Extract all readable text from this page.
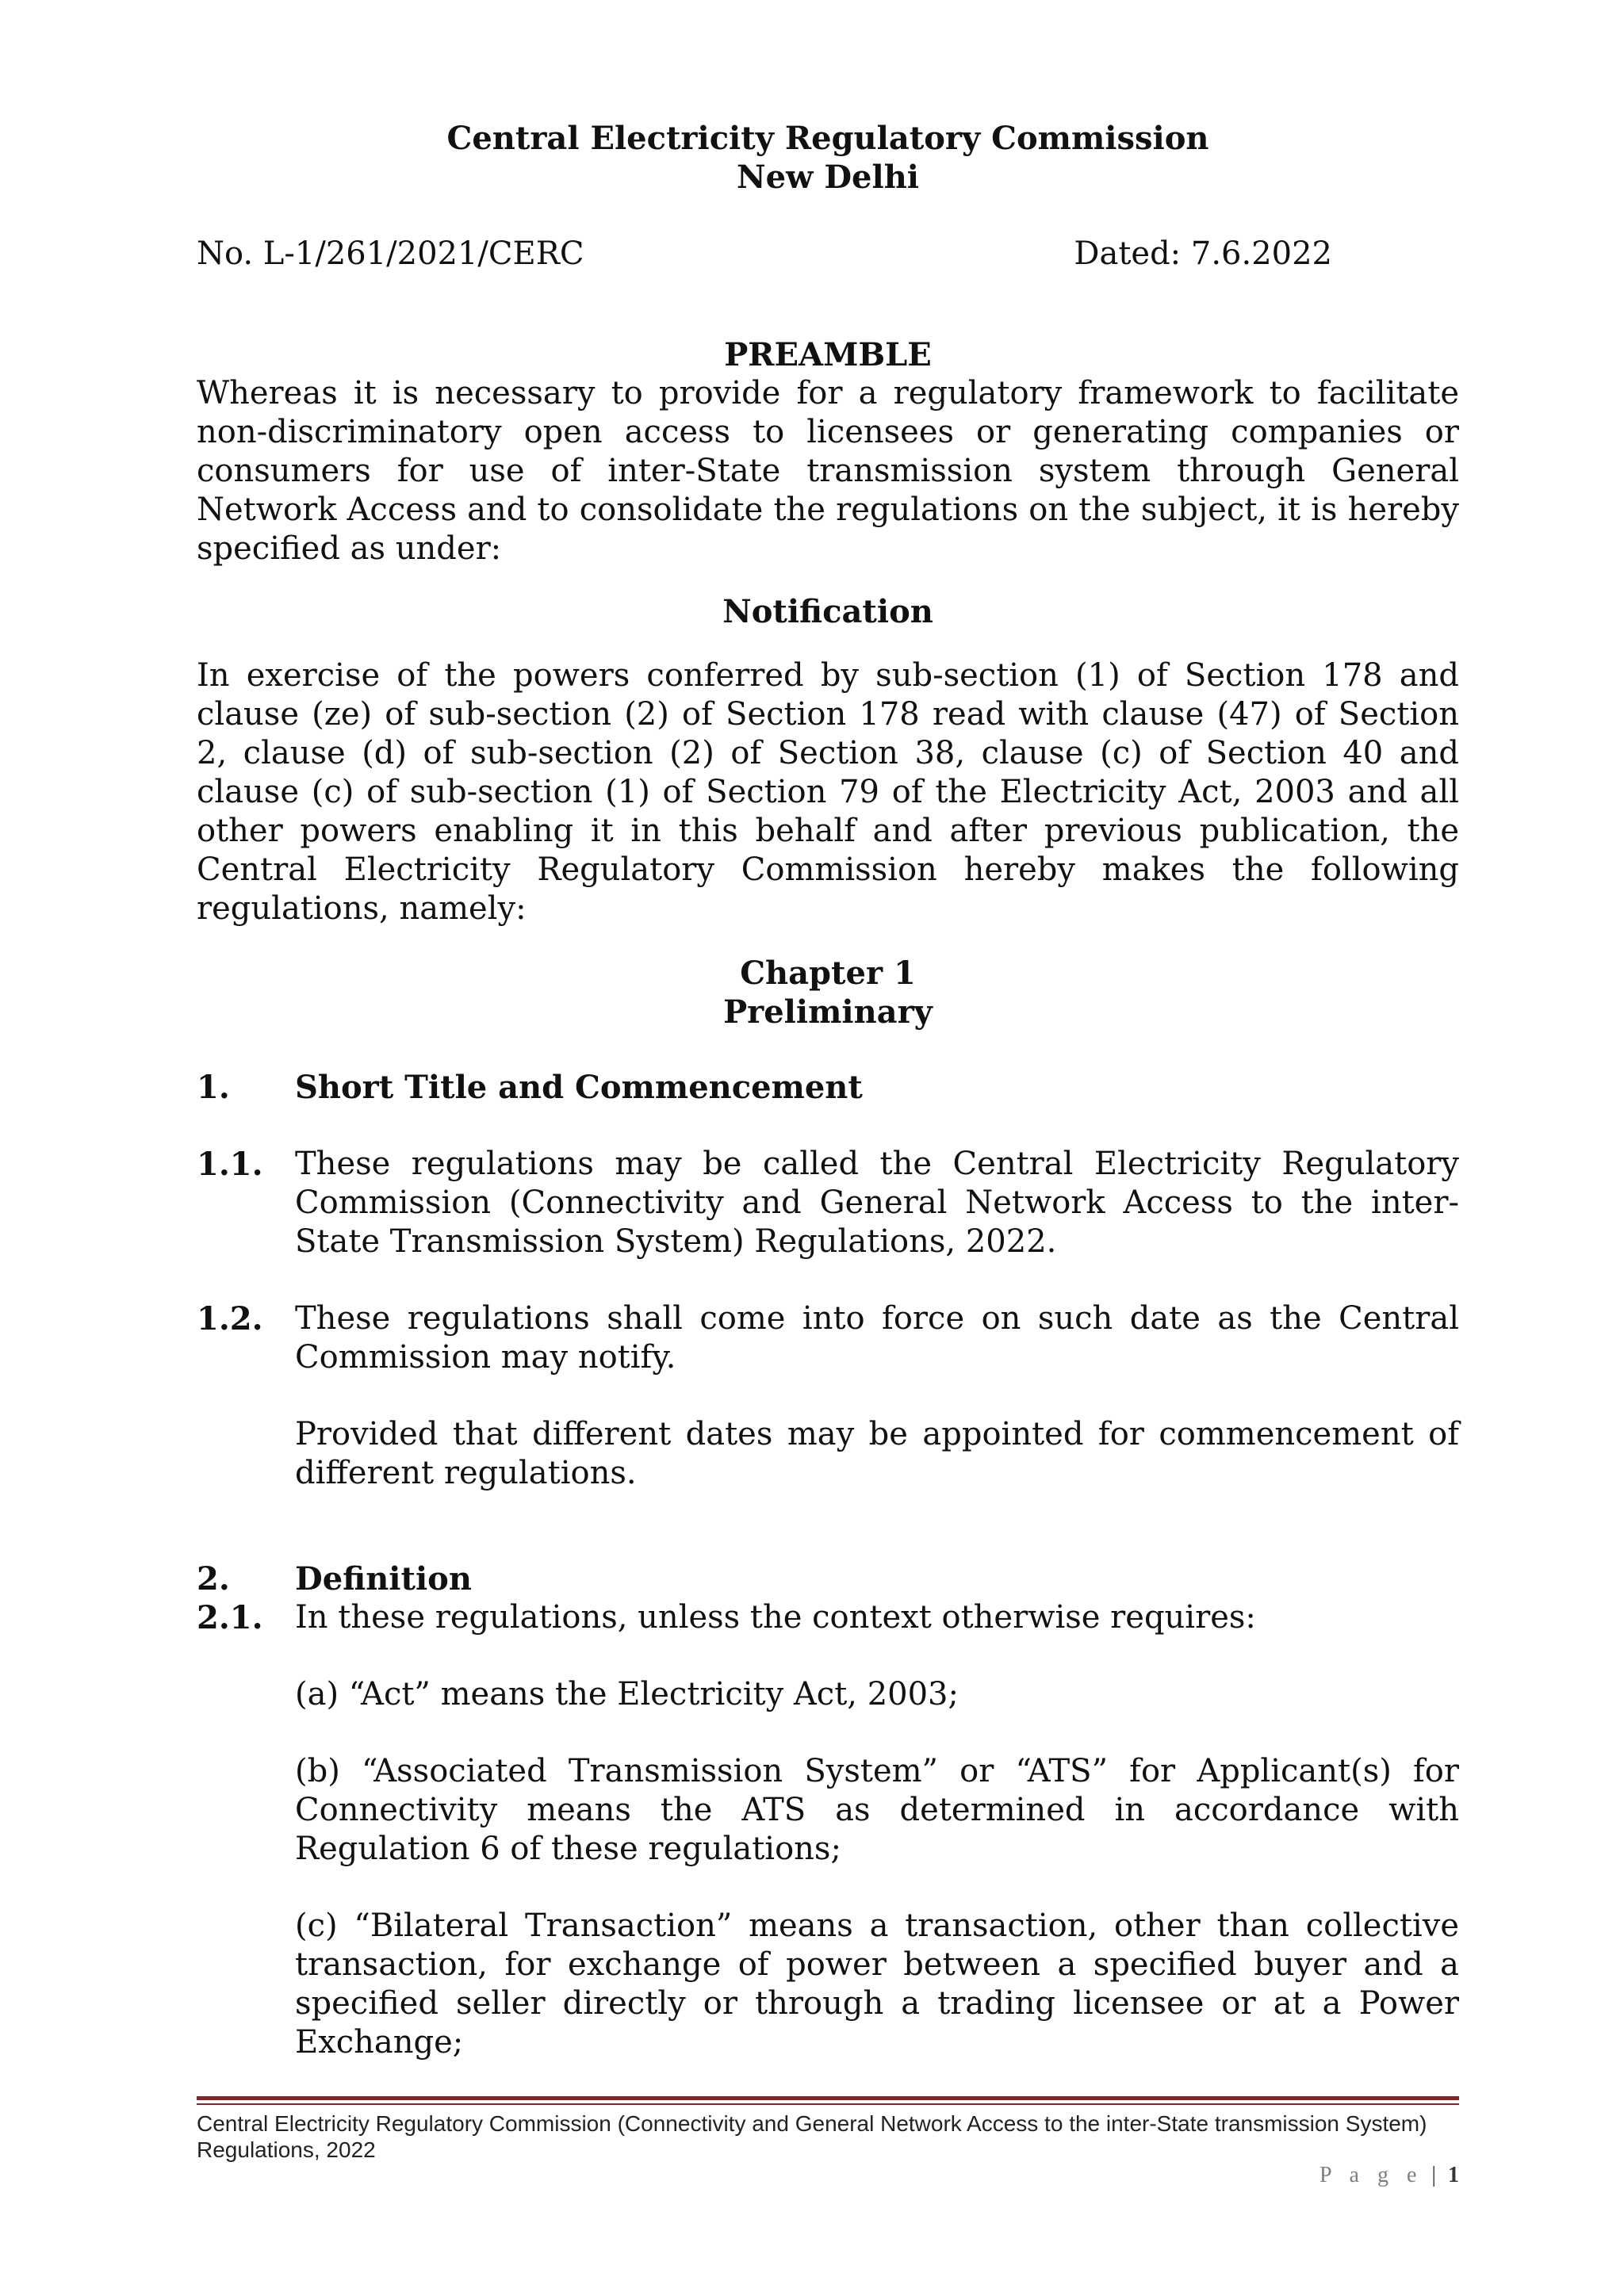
Central Electricity Regulatory Commission
New Delhi
No. L-1/261/2021/CERC	Dated: 7.6.2022
PREAMBLE

Whereas it is necessary to provide for a regulatory framework to facilitate non-discriminatory open access to licensees or generating companies or consumers for use of inter-State transmission system through General Network Access and to consolidate the regulations on the subject, it is hereby specified as under:

Notification

In exercise of the powers conferred by sub-section (1) of Section 178 and clause (ze) of sub-section (2) of Section 178 read with clause (47) of Section 2, clause (d) of sub-section (2) of Section 38, clause (c) of Section 40 and clause (c) of sub-section (1) of Section 79 of the Electricity Act, 2003 and all other powers enabling it in this behalf and after previous publication, the Central Electricity Regulatory Commission hereby makes the following regulations, namely:

Chapter 1
Preliminary
1.	Short Title and Commencement
1.1.	These regulations may be called the Central Electricity Regulatory Commission (Connectivity and General Network Access to the inter-State Transmission System) Regulations, 2022.
1.2.	These regulations shall come into force on such date as the Central Commission may notify.

Provided that different dates may be appointed for commencement of different regulations.

2.	Definition
2.1.	In these regulations, unless the context otherwise requires:

(a) “Act” means the Electricity Act, 2003;

(b) “Associated Transmission System” or “ATS” for Applicant(s) for Connectivity means the ATS as determined in accordance with Regulation 6 of these regulations;

(c) “Bilateral Transaction” means a transaction, other than collective transaction, for exchange of power between a specified buyer and a specified seller directly or through a trading licensee or at a Power Exchange;

Central Electricity Regulatory Commission (Connectivity and General Network Access to the inter-State transmission System) Regulations, 2022
P a g e | 1
